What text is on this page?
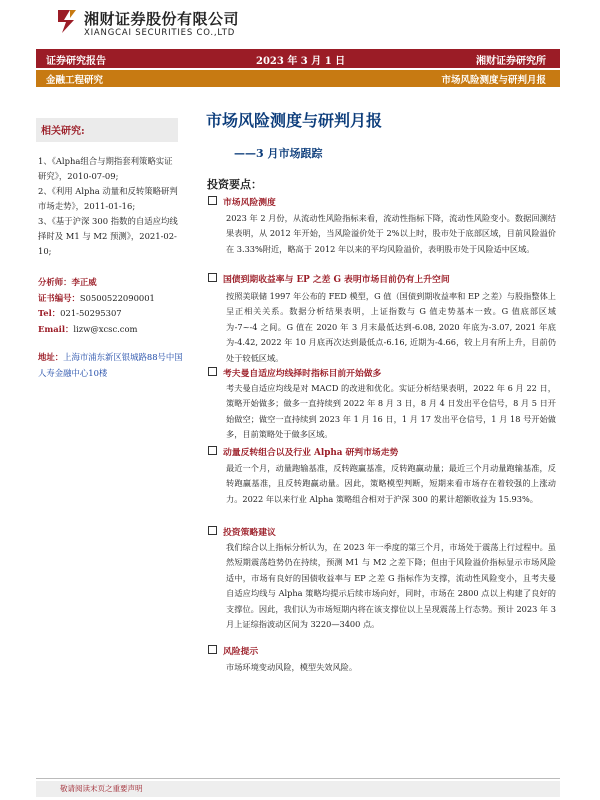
湘财证券股份有限公司
XIANGCAI SECURITIES CO.,LTD
证券研究报告	2023 年 3 月 1 日	湘财证券研究所
金融工程研究	市场风险测度与研判月报
市场风险测度与研判月报
——3 月市场跟踪
相关研究:

1、《Alpha组合与期指套利策略实证研究》，2010-07-09;

2、《利用 Alpha 动量和反转策略研判市场走势》，2011-01-16;

3、《基于沪深 300 指数的自适应均线择时及 M1 与 M2 预测》，2021-02-10;

分析师：李正威
证书编号：S0500522090001
Tel：021-50295307
Email：lizw@xcsc.com
地址：上海市浦东新区银城路88号中国人寿金融中心10楼
投资要点：
市场风险测度
2023 年 2 月份，从流动性风险指标来看，流动性指标下降，流动性风险变小。数据回测结果表明，从 2012 年开始，当风险溢价处于 2%以上时，股市处于底部区域，目前风险溢价在 3.33%附近，略高于 2012 年以来的平均风险溢价，表明股市处于风险适中区域。
国债到期收益率与 EP 之差 G 表明市场目前仍有上升空间
按照美联储 1997 年公布的 FED 模型，G 值（国债到期收益率和 EP 之差）与股指整体上呈正相关关系。数据分析结果表明，上证指数与 G 值走势基本一致。G 值底部区域为-7~-4 之间。G 值在 2020 年 3 月末最低达到-6.08, 2020 年底为-3.07, 2021 年底为-4.42, 2022 年 10 月底再次达到最低点-6.16, 近期为-4.66，较上月有所上升，目前仍处于较低区域。
考夫曼自适应均线择时指标目前开始做多
考夫曼自适应均线是对 MACD 的改进和优化。实证分析结果表明，2022 年 6 月 22 日，策略开始做多；做多一直持续到 2022 年 8 月 3 日，8 月 4 日发出平仓信号，8 月 5 日开始做空；做空一直持续到 2023 年 1 月 16 日，1 月 17 发出平仓信号，1 月 18 号开始做多，目前策略处于做多区域。
动量反转组合以及行业 Alpha 研判市场走势
最近一个月，动量跑输基准，反转跑赢基准，反转跑赢动量；最近三个月动量跑输基准，反转跑赢基准，且反转跑赢动量。因此，策略模型判断，短期来看市场存在着较强的上涨动力。2022 年以来行业 Alpha 策略组合相对于沪深 300 的累计超额收益为 15.93%。
投资策略建议
我们综合以上指标分析认为，在 2023 年一季度的第三个月，市场处于震荡上行过程中。虽然短期震荡趋势仍在持续，预测 M1 与 M2 之差下降；但由于风险溢价指标显示市场风险适中，市场有良好的国债收益率与 EP 之差 G 指标作为支撑，流动性风险变小，且考夫曼自适应均线与 Alpha 策略均提示后续市场向好，同时，市场在 2800 点以上构建了良好的支撑位。因此，我们认为市场短期内将在该支撑位以上呈现震荡上行态势。预计 2023 年 3 月上证综指波动区间为 3220—3400 点。
风险提示
市场环境变动风险，模型失效风险。
敬请阅读末页之重要声明
